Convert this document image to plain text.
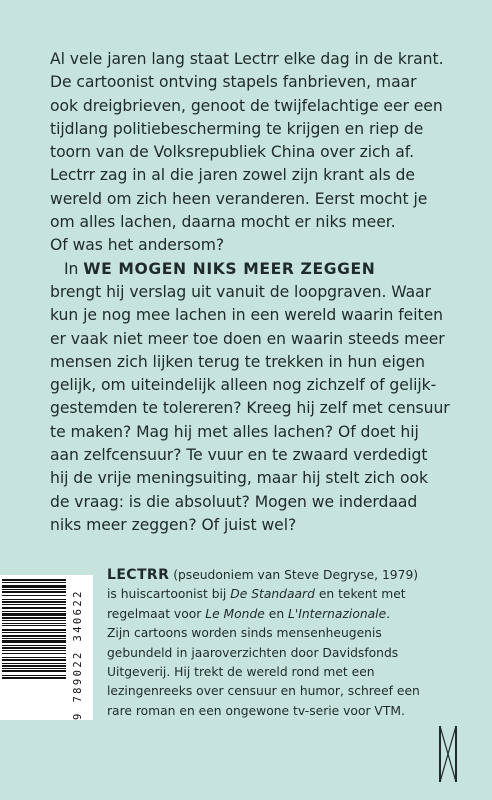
Al vele jaren lang staat Lectrr elke dag in de krant.
De cartoonist ontving stapels fanbrieven, maar
ook dreigbrieven, genoot de twijfelachtige eer een
tijdlang politiebescherming te krijgen en riep de
toorn van de Volksrepubliek China over zich af.
Lectrr zag in al die jaren zowel zijn krant als de
wereld om zich heen veranderen. Eerst mocht je
om alles lachen, daarna mocht er niks meer.
Of was het andersom?
In WE MOGEN NIKS MEER ZEGGEN
brengt hij verslag uit vanuit de loopgraven. Waar
kun je nog mee lachen in een wereld waarin feiten
er vaak niet meer toe doen en waarin steeds meer
mensen zich lijken terug te trekken in hun eigen
gelijk, om uiteindelijk alleen nog zichzelf of gelijk-
gestemden te tolereren? Kreeg hij zelf met censuur
te maken? Mag hij met alles lachen? Of doet hij
aan zelfcensuur? Te vuur en te zwaard verdedigt
hij de vrije meningsuiting, maar hij stelt zich ook
de vraag: is die absoluut? Mogen we inderdaad
niks meer zeggen? Of juist wel?
9 789022 340622
LECTRR (pseudoniem van Steve Degryse, 1979)
is huiscartoonist bij De Standaard en tekent met
regelmaat voor Le Monde en L'Internazionale.
Zijn cartoons worden sinds mensenheugenis
gebundeld in jaaroverzichten door Davidsfonds
Uitgeverij. Hij trekt de wereld rond met een
lezingenreeks over censuur en humor, schreef een
rare roman en een ongewone tv-serie voor VTM.
